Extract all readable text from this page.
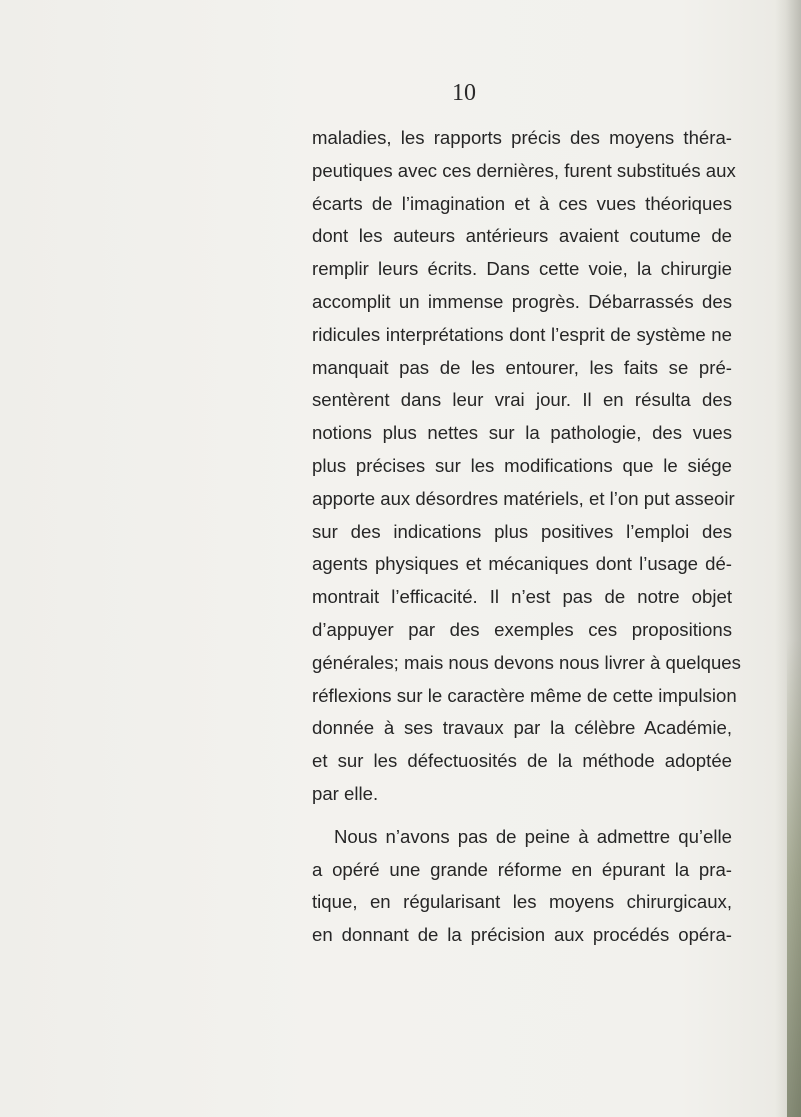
10
maladies, les rapports précis des moyens théra-
peutiques avec ces dernières, furent substitués aux
écarts de l’imagination et à ces vues théoriques
dont les auteurs antérieurs avaient coutume de
remplir leurs écrits. Dans cette voie, la chirurgie
accomplit un immense progrès. Débarrassés des
ridicules interprétations dont l’esprit de système ne
manquait pas de les entourer, les faits se pré-
sentèrent dans leur vrai jour. Il en résulta des
notions plus nettes sur la pathologie, des vues
plus précises sur les modifications que le siége
apporte aux désordres matériels, et l’on put asseoir
sur des indications plus positives l’emploi des
agents physiques et mécaniques dont l’usage dé-
montrait l’efficacité. Il n’est pas de notre objet
d’appuyer par des exemples ces propositions
générales; mais nous devons nous livrer à quelques
réflexions sur le caractère même de cette impulsion
donnée à ses travaux par la célèbre Académie,
et sur les défectuosités de la méthode adoptée
par elle.
Nous n’avons pas de peine à admettre qu’elle
a opéré une grande réforme en épurant la pra-
tique, en régularisant les moyens chirurgicaux,
en donnant de la précision aux procédés opéra-
